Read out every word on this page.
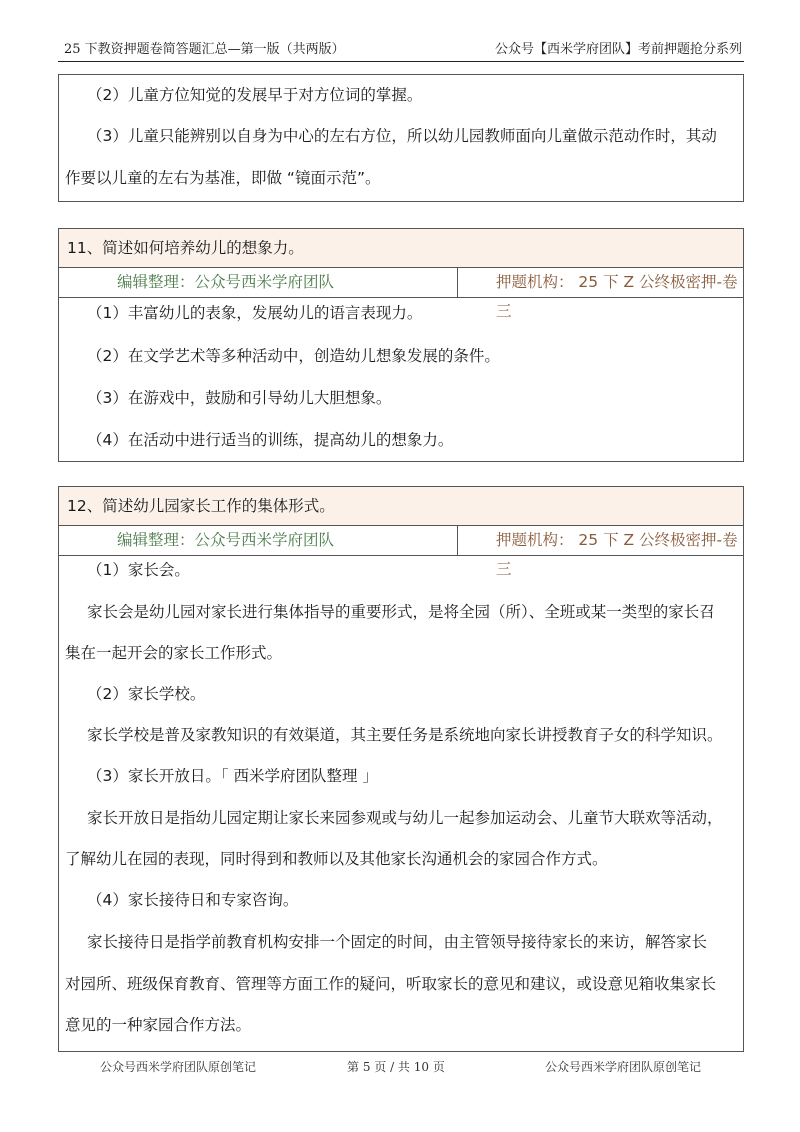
25 下教资押题卷简答题汇总—第一版（共两版）	公众号【西米学府团队】考前押题抢分系列
（2）儿童方位知觉的发展早于对方位词的掌握。
（3）儿童只能辨别以自身为中心的左右方位，所以幼儿园教师面向儿童做示范动作时，其动
作要以儿童的左右为基准，即做 “镜面示范”。
11、简述如何培养幼儿的想象力。
编辑整理：公众号西米学府团队	押题机构： 25 下 Z 公终极密押-卷三
（1）丰富幼儿的表象，发展幼儿的语言表现力。
（2）在文学艺术等多种活动中，创造幼儿想象发展的条件。
（3）在游戏中，鼓励和引导幼儿大胆想象。
（4）在活动中进行适当的训练，提高幼儿的想象力。
12、简述幼儿园家长工作的集体形式。
编辑整理：公众号西米学府团队	押题机构： 25 下 Z 公终极密押-卷三
（1）家长会。
家长会是幼儿园对家长进行集体指导的重要形式，是将全园（所）、全班或某一类型的家长召
集在一起开会的家长工作形式。
（2）家长学校。
家长学校是普及家教知识的有效渠道，其主要任务是系统地向家长讲授教育子女的科学知识。
（3）家长开放日。「 西米学府团队整理 」
家长开放日是指幼儿园定期让家长来园参观或与幼儿一起参加运动会、儿童节大联欢等活动，
了解幼儿在园的表现，同时得到和教师以及其他家长沟通机会的家园合作方式。
（4）家长接待日和专家咨询。
家长接待日是指学前教育机构安排一个固定的时间，由主管领导接待家长的来访，解答家长
对园所、班级保育教育、管理等方面工作的疑问，听取家长的意见和建议，或设意见箱收集家长
意见的一种家园合作方法。
公众号西米学府团队原创笔记	第 5 页 / 共 10 页	公众号西米学府团队原创笔记
